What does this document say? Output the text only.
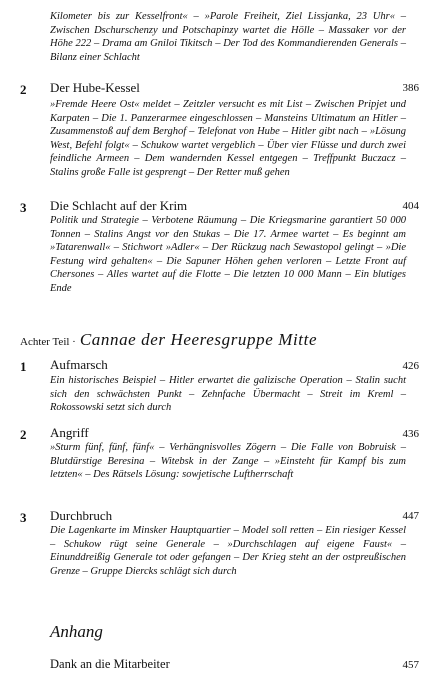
Kilometer bis zur Kesselfront« – »Parole Freiheit, Ziel Lissjanka, 23 Uhr« – Zwischen Dschurschenzy und Potschapinzy wartet die Hölle – Massaker vor der Höhe 222 – Drama am Gniloi Tikitsch – Der Tod des Kommandierenden Generals – Bilanz einer Schlacht

2 Der Hube-Kessel	386

»Fremde Heere Ost« meldet – Zeitzler versucht es mit List – Zwischen Pripjet und Karpaten – Die 1. Panzerarmee eingeschlossen – Mansteins Ultimatum an Hitler – Zusammenstoß auf dem Berghof – Telefonat von Hube – Hitler gibt nach – »Lösung West, Befehl folgt« – Schukow wartet vergeblich – Über vier Flüsse und durch zwei feindliche Armeen – Dem wandernden Kessel entgegen – Treffpunkt Buczacz – Stalins große Falle ist gesprengt – Der Retter muß gehen

3 Die Schlacht auf der Krim	404

Politik und Strategie – Verbotene Räumung – Die Kriegsmarine garantiert 50 000 Tonnen – Stalins Angst vor den Stukas – Die 17. Armee wartet – Es beginnt am »Tatarenwall« – Stichwort »Adler« – Der Rückzug nach Sewastopol gelingt – »Die Festung wird gehalten« – Die Sapuner Höhen gehen verloren – Letzte Front auf Chersones – Alles wartet auf die Flotte – Die letzten 10 000 Mann – Ein blutiges Ende

Achter Teil · Cannae der Heeresgruppe Mitte
1 Aufmarsch	426

Ein historisches Beispiel – Hitler erwartet die galizische Operation – Stalin sucht sich den schwächsten Punkt – Zehnfache Übermacht – Streit im Kreml – Rokossowski setzt sich durch

2 Angriff	436

»Sturm fünf, fünf, fünf« – Verhängnisvolles Zögern – Die Falle von Bobruisk – Blutdürstige Beresina – Witebsk in der Zange – »Einsteht für Kampf bis zum letzten« – Des Rätsels Lösung: sowjetische Luftherrschaft

3 Durchbruch	447

Die Lagenkarte im Minsker Hauptquartier – Model soll retten – Ein riesiger Kessel – Schukow rügt seine Generale – »Durchschlagen auf eigene Faust« – Einunddreißig Generale tot oder gefangen – Der Krieg steht an der ostpreußischen Grenze – Gruppe Diercks schlägt sich durch

Anhang
Dank an die Mitarbeiter	457
